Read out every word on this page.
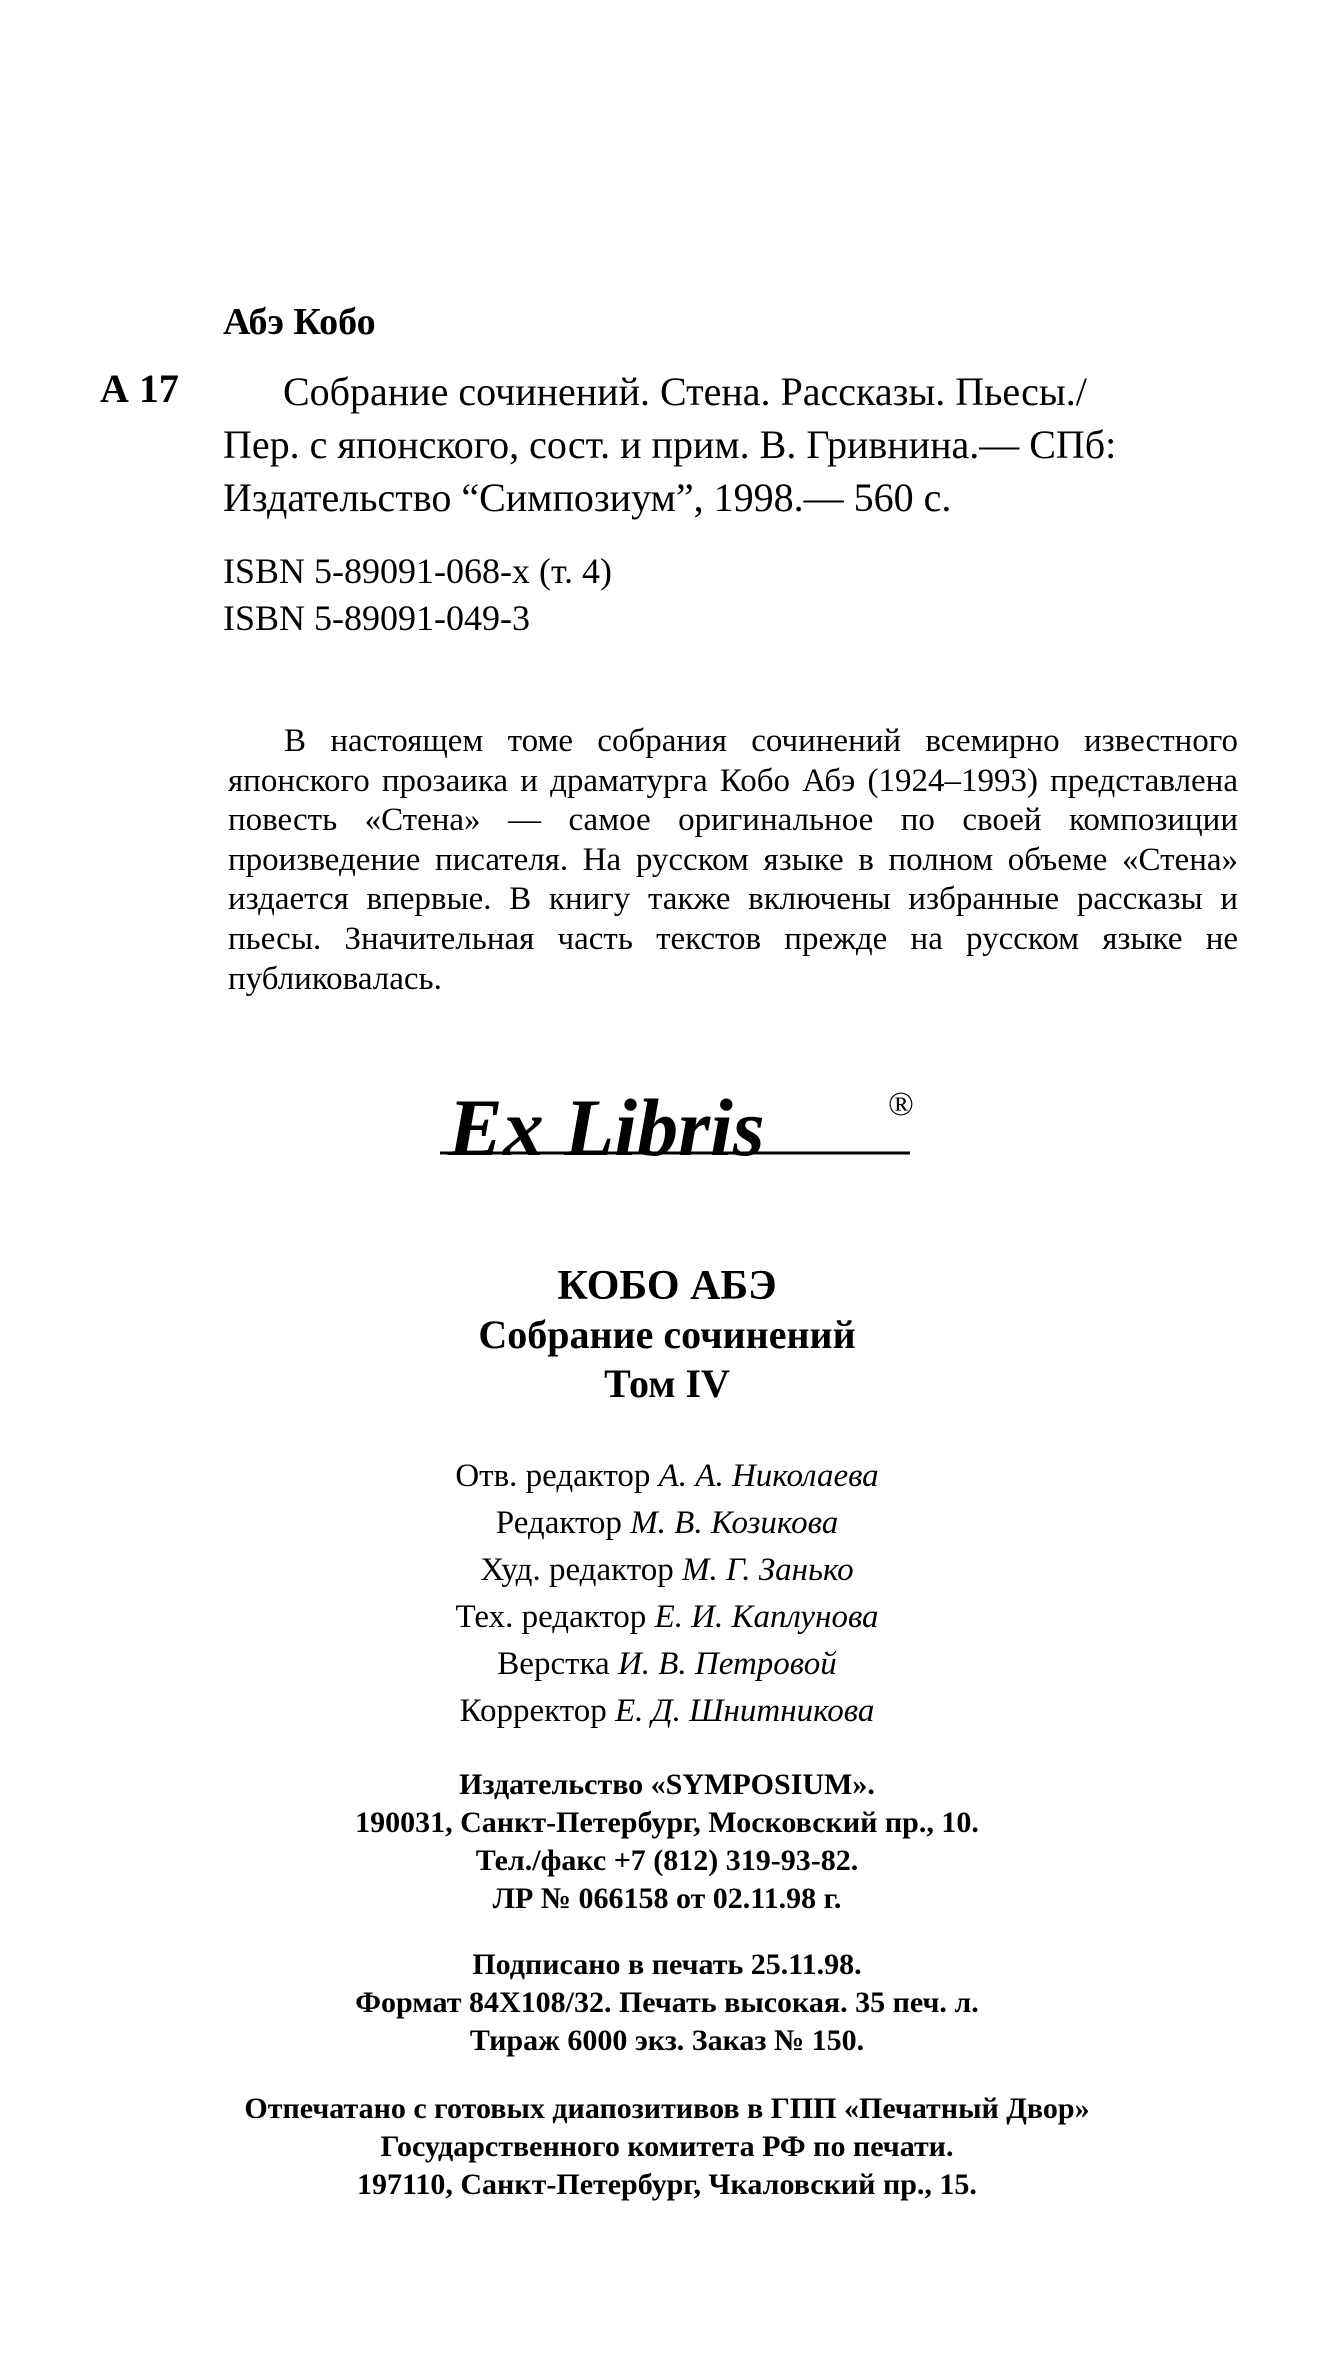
Абэ Кобо
А 17	Собрание сочинений. Стена. Рассказы. Пьесы./
Пер. с японского, сост. и прим. В. Гривнина.— СПб:
Издательство “Симпозиум”, 1998.— 560 с.
ISBN 5-89091-068-х (т. 4)
ISBN 5-89091-049-3
В настоящем томе собрания сочинений всемирно известного японского прозаика и драматурга Кобо Абэ (1924–1993) представлена повесть «Стена» — самое оригинальное по своей композиции произведение писателя. На русском языке в полном объеме «Стена» издается впервые. В книгу также включены избранные рассказы и пьесы. Значительная часть текстов прежде на русском языке не публиковалась.
Ex Libris	®
КОБО АБЭ
Собрание сочинений
Том IV
Отв. редактор А. А. Николаева
Редактор М. В. Козикова
Худ. редактор М. Г. Занько
Тех. редактор Е. И. Каплунова
Верстка И. В. Петровой
Корректор Е. Д. Шнитникова
Издательство «SYMPOSIUM».
190031, Санкт-Петербург, Московский пр., 10.
Тел./факс +7 (812) 319-93-82.
ЛР № 066158 от 02.11.98 г.
Подписано в печать 25.11.98.
Формат 84Х108/32. Печать высокая. 35 печ. л.
Тираж 6000 экз. Заказ № 150.
Отпечатано с готовых диапозитивов в ГПП «Печатный Двор»
Государственного комитета РФ по печати.
197110, Санкт-Петербург, Чкаловский пр., 15.
